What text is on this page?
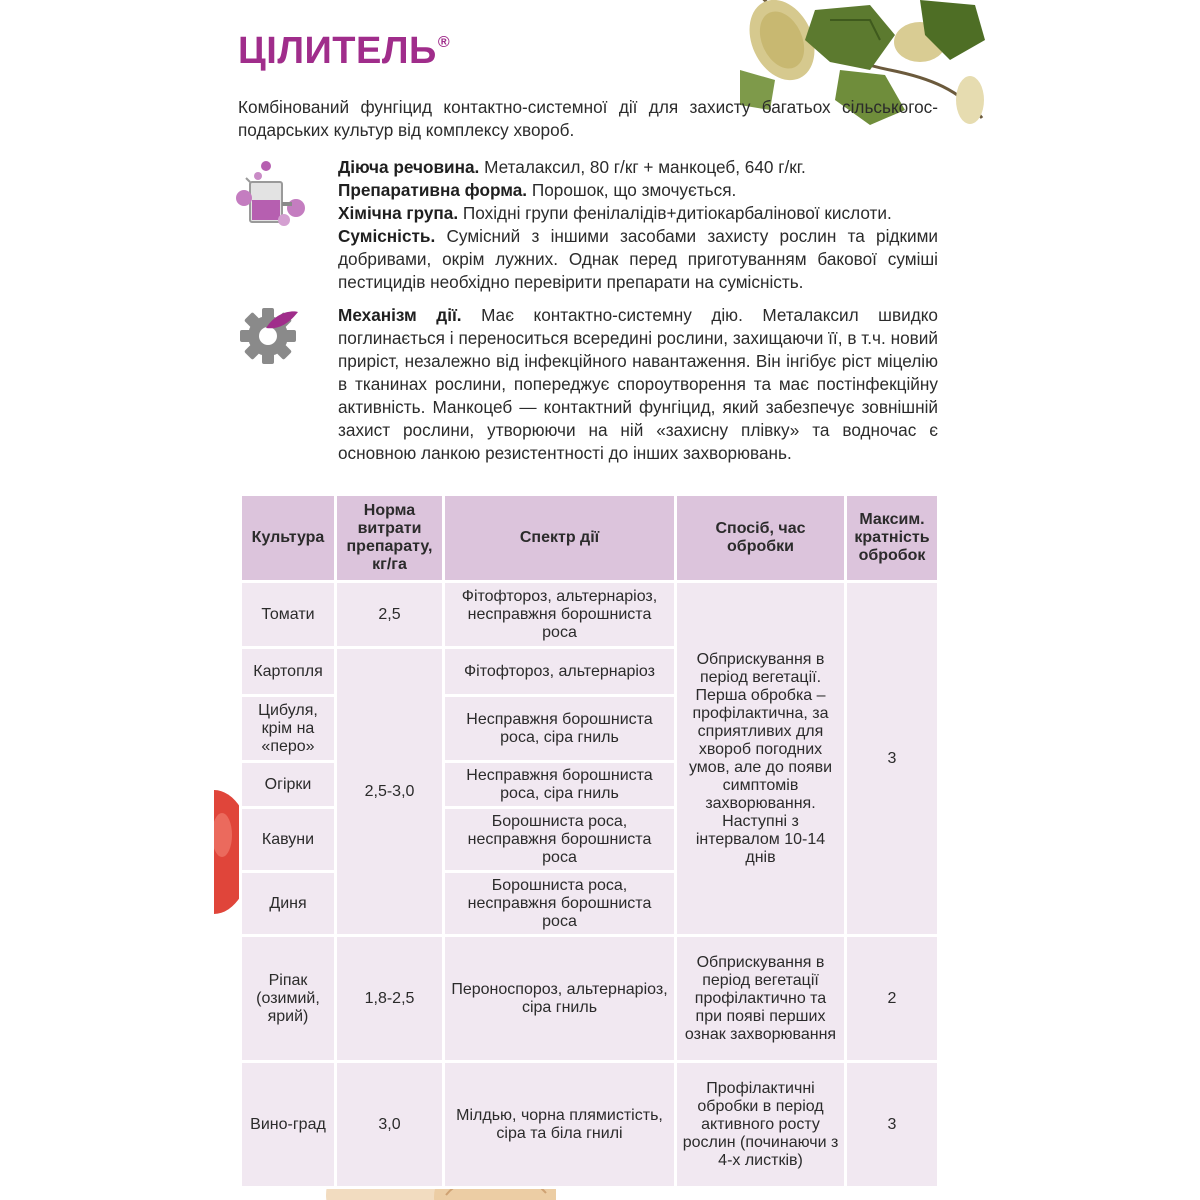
ЦІЛИТЕЛЬ®

Комбінований фунгіцид контактно-системної дії для захисту багатьох сільськогос-подарських культур від комплексу хвороб.

Діюча речовина. Металаксил, 80 г/кг + манкоцеб, 640 г/кг.

Препаративна форма. Порошок, що змочується.

Хімічна група. Похідні групи фенілалідів+дитіокарбалінової кислоти.

Сумісність. Сумісний з іншими засобами захисту рослин та рідкими добривами, окрім лужних. Однак перед приготуванням бакової суміші пестицидів необхідно перевірити препарати на сумісність.

Механізм дії. Має контактно-системну дію. Металаксил швидко поглинається і переноситься всередині рослини, захищаючи її, в т.ч. новий приріст, незалежно від інфекційного навантаження. Він інгібує ріст міцелію в тканинах рослини, попереджує спороутворення та має постінфекційну активність. Манкоцеб — контактний фунгіцид, який забезпечує зовнішній захист рослини, утворюючи на ній «захисну плівку» та водночас є основною ланкою резистентності до інших захворювань.

Культура	Норма витрати препарату, кг/га	Спектр дії	Спосіб, час обробки	Максим. кратність обробок
Томати	2,5	Фітофтороз, альтернаріоз, несправжня борошниста роса	Обприскування в період вегетації. Перша обробка – профілактична, за сприятливих для хвороб погодних умов, але до появи симптомів захворювання. Наступні з інтервалом 10-14 днів	3
Картопля	2,5-3,0	Фітофтороз, альтернаріоз		
Цибуля, крім на «перо»		Несправжня борошниста роса, сіра гниль		
Огірки		Несправжня борошниста роса, сіра гниль		
Кавуни		Борошниста роса, несправжня борошниста роса		
Диня		Борошниста роса, несправжня борошниста роса		
Ріпак (озимий, ярий)	1,8-2,5	Пероноспороз, альтернаріоз, сіра гниль	Обприскування в період вегетації профілактично та при появі перших ознак захворювання	2
Вино-град	3,0	Мілдью, чорна плямистість, сіра та біла гнилі	Профілактичні обробки в період активного росту рослин (починаючи з 4-х листків)	3
